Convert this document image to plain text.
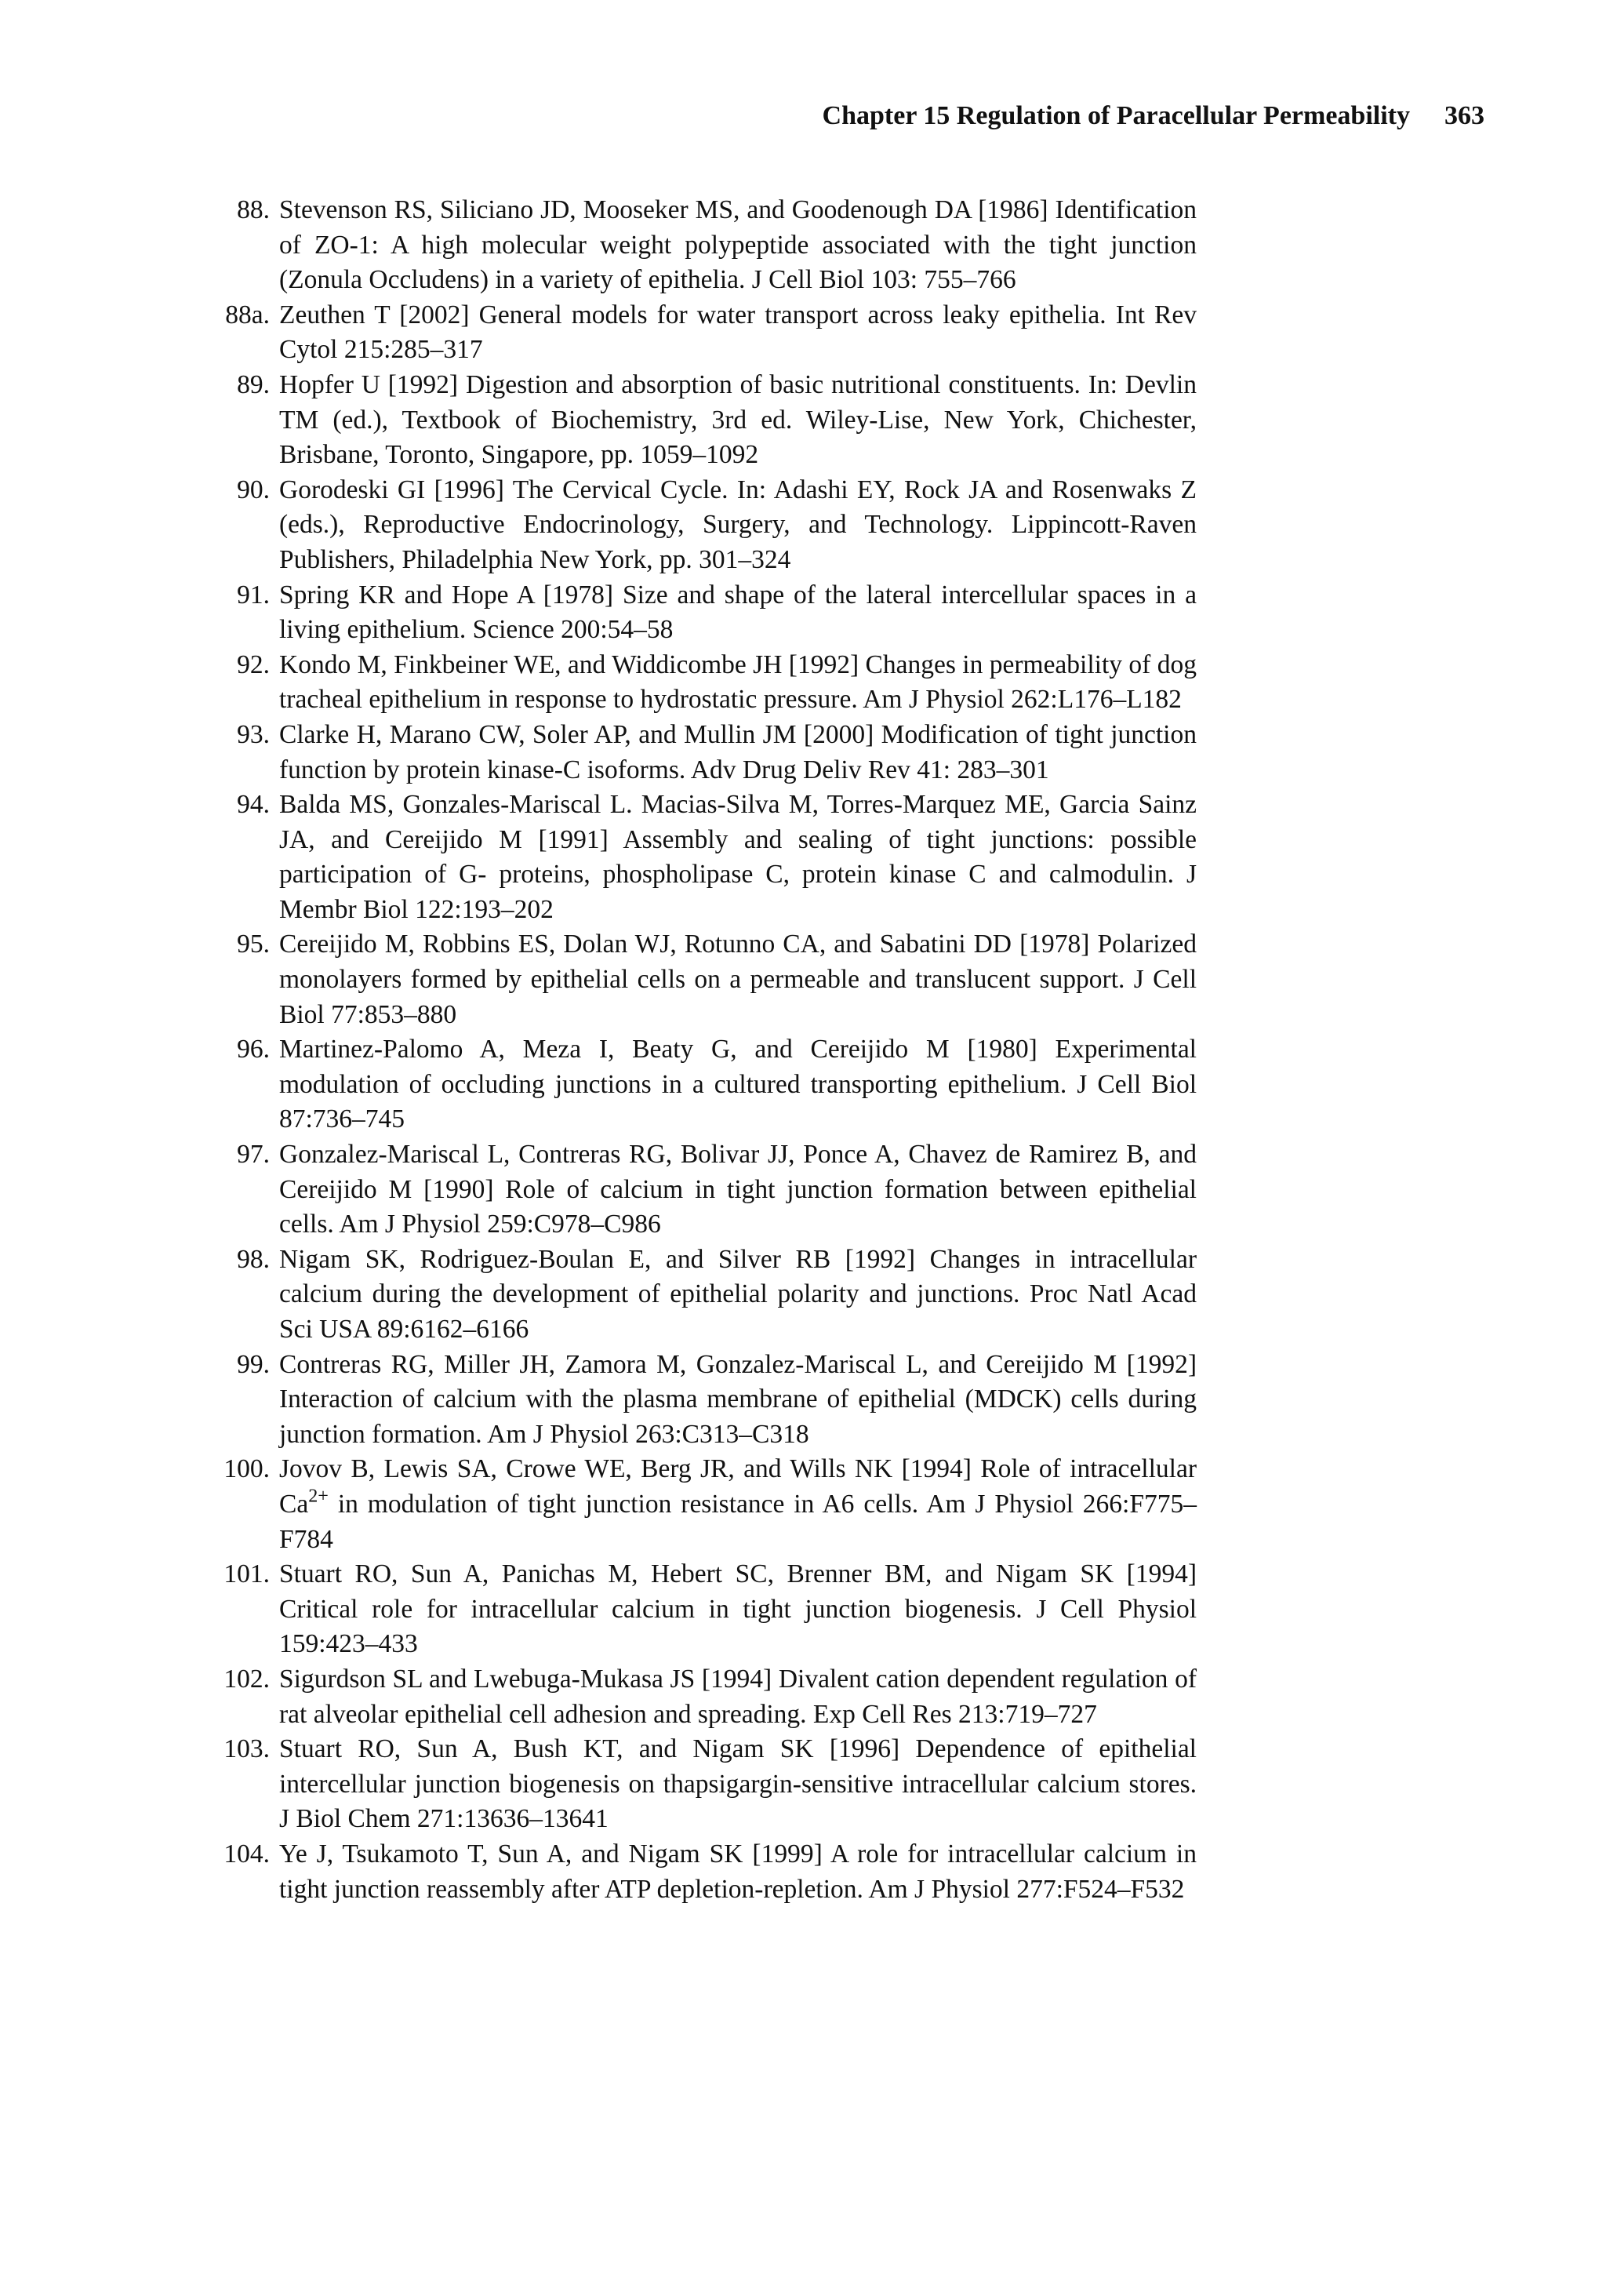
Chapter 15 Regulation of Paracellular Permeability 363
88. Stevenson RS, Siliciano JD, Mooseker MS, and Goodenough DA [1986] Identification of ZO-1: A high molecular weight polypeptide associated with the tight junction (Zonula Occludens) in a variety of epithelia. J Cell Biol 103: 755–766
88a. Zeuthen T [2002] General models for water transport across leaky epithelia. Int Rev Cytol 215:285–317
89. Hopfer U [1992] Digestion and absorption of basic nutritional constituents. In: Devlin TM (ed.), Textbook of Biochemistry, 3rd ed. Wiley-Lise, New York, Chichester, Brisbane, Toronto, Singapore, pp. 1059–1092
90. Gorodeski GI [1996] The Cervical Cycle. In: Adashi EY, Rock JA and Rosenwaks Z (eds.), Reproductive Endocrinology, Surgery, and Technology. Lippincott-Raven Publishers, Philadelphia New York, pp. 301–324
91. Spring KR and Hope A [1978] Size and shape of the lateral intercellular spaces in a living epithelium. Science 200:54–58
92. Kondo M, Finkbeiner WE, and Widdicombe JH [1992] Changes in permeability of dog tracheal epithelium in response to hydrostatic pressure. Am J Physiol 262:L176–L182
93. Clarke H, Marano CW, Soler AP, and Mullin JM [2000] Modification of tight junction function by protein kinase-C isoforms. Adv Drug Deliv Rev 41: 283–301
94. Balda MS, Gonzales-Mariscal L. Macias-Silva M, Torres-Marquez ME, Garcia Sainz JA, and Cereijido M [1991] Assembly and sealing of tight junctions: possible participation of G- proteins, phospholipase C, protein kinase C and calmodulin. J Membr Biol 122:193–202
95. Cereijido M, Robbins ES, Dolan WJ, Rotunno CA, and Sabatini DD [1978] Polarized monolayers formed by epithelial cells on a permeable and translucent support. J Cell Biol 77:853–880
96. Martinez-Palomo A, Meza I, Beaty G, and Cereijido M [1980] Experimental modulation of occluding junctions in a cultured transporting epithelium. J Cell Biol 87:736–745
97. Gonzalez-Mariscal L, Contreras RG, Bolivar JJ, Ponce A, Chavez de Ramirez B, and Cereijido M [1990] Role of calcium in tight junction formation between epithelial cells. Am J Physiol 259:C978–C986
98. Nigam SK, Rodriguez-Boulan E, and Silver RB [1992] Changes in intracellular calcium during the development of epithelial polarity and junctions. Proc Natl Acad Sci USA 89:6162–6166
99. Contreras RG, Miller JH, Zamora M, Gonzalez-Mariscal L, and Cereijido M [1992] Interaction of calcium with the plasma membrane of epithelial (MDCK) cells during junction formation. Am J Physiol 263:C313–C318
100. Jovov B, Lewis SA, Crowe WE, Berg JR, and Wills NK [1994] Role of intracellular $Ca^{2+}$ in modulation of tight junction resistance in A6 cells. Am J Physiol 266:F775–F784
101. Stuart RO, Sun A, Panichas M, Hebert SC, Brenner BM, and Nigam SK [1994] Critical role for intracellular calcium in tight junction biogenesis. J Cell Physiol 159:423–433
102. Sigurdson SL and Lwebuga-Mukasa JS [1994] Divalent cation dependent regulation of rat alveolar epithelial cell adhesion and spreading. Exp Cell Res 213:719–727
103. Stuart RO, Sun A, Bush KT, and Nigam SK [1996] Dependence of epithelial intercellular junction biogenesis on thapsigargin-sensitive intracellular calcium stores. J Biol Chem 271:13636–13641
104. Ye J, Tsukamoto T, Sun A, and Nigam SK [1999] A role for intracellular calcium in tight junction reassembly after ATP depletion-repletion. Am J Physiol 277:F524–F532
